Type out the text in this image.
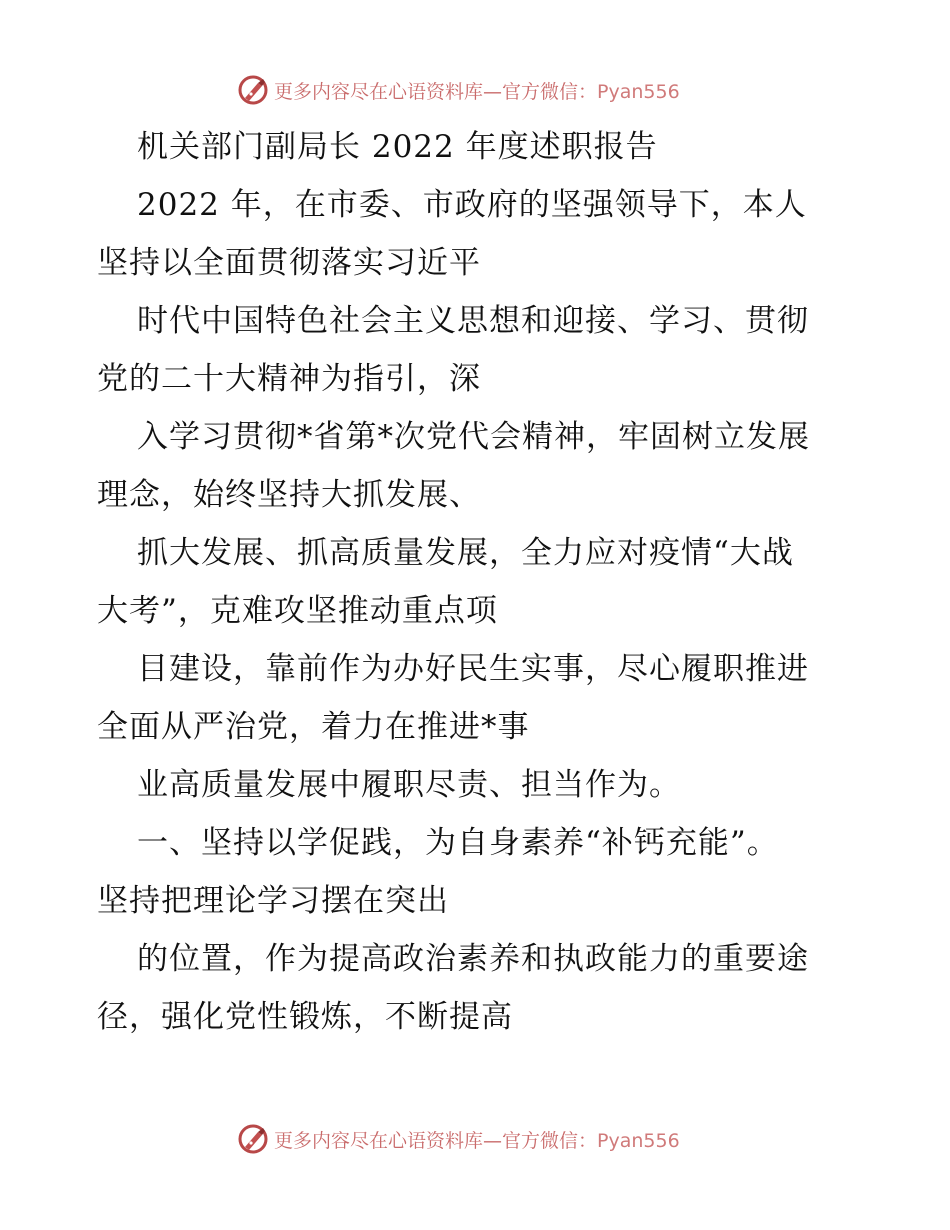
更多内容尽在心语资料库—官方微信：Pyan556
机关部门副局长 2022 年度述职报告
2022 年，在市委、市政府的坚强领导下，本人
坚持以全面贯彻落实习近平
时代中国特色社会主义思想和迎接、学习、贯彻
党的二十大精神为指引，深
入学习贯彻*省第*次党代会精神，牢固树立发展
理念，始终坚持大抓发展、
抓大发展、抓高质量发展，全力应对疫情“大战
大考”，克难攻坚推动重点项
目建设，靠前作为办好民生实事，尽心履职推进
全面从严治党，着力在推进*事
业高质量发展中履职尽责、担当作为。
一、坚持以学促践，为自身素养“补钙充能”。
坚持把理论学习摆在突出
的位置，作为提高政治素养和执政能力的重要途
径，强化党性锻炼，不断提高
更多内容尽在心语资料库—官方微信：Pyan556
